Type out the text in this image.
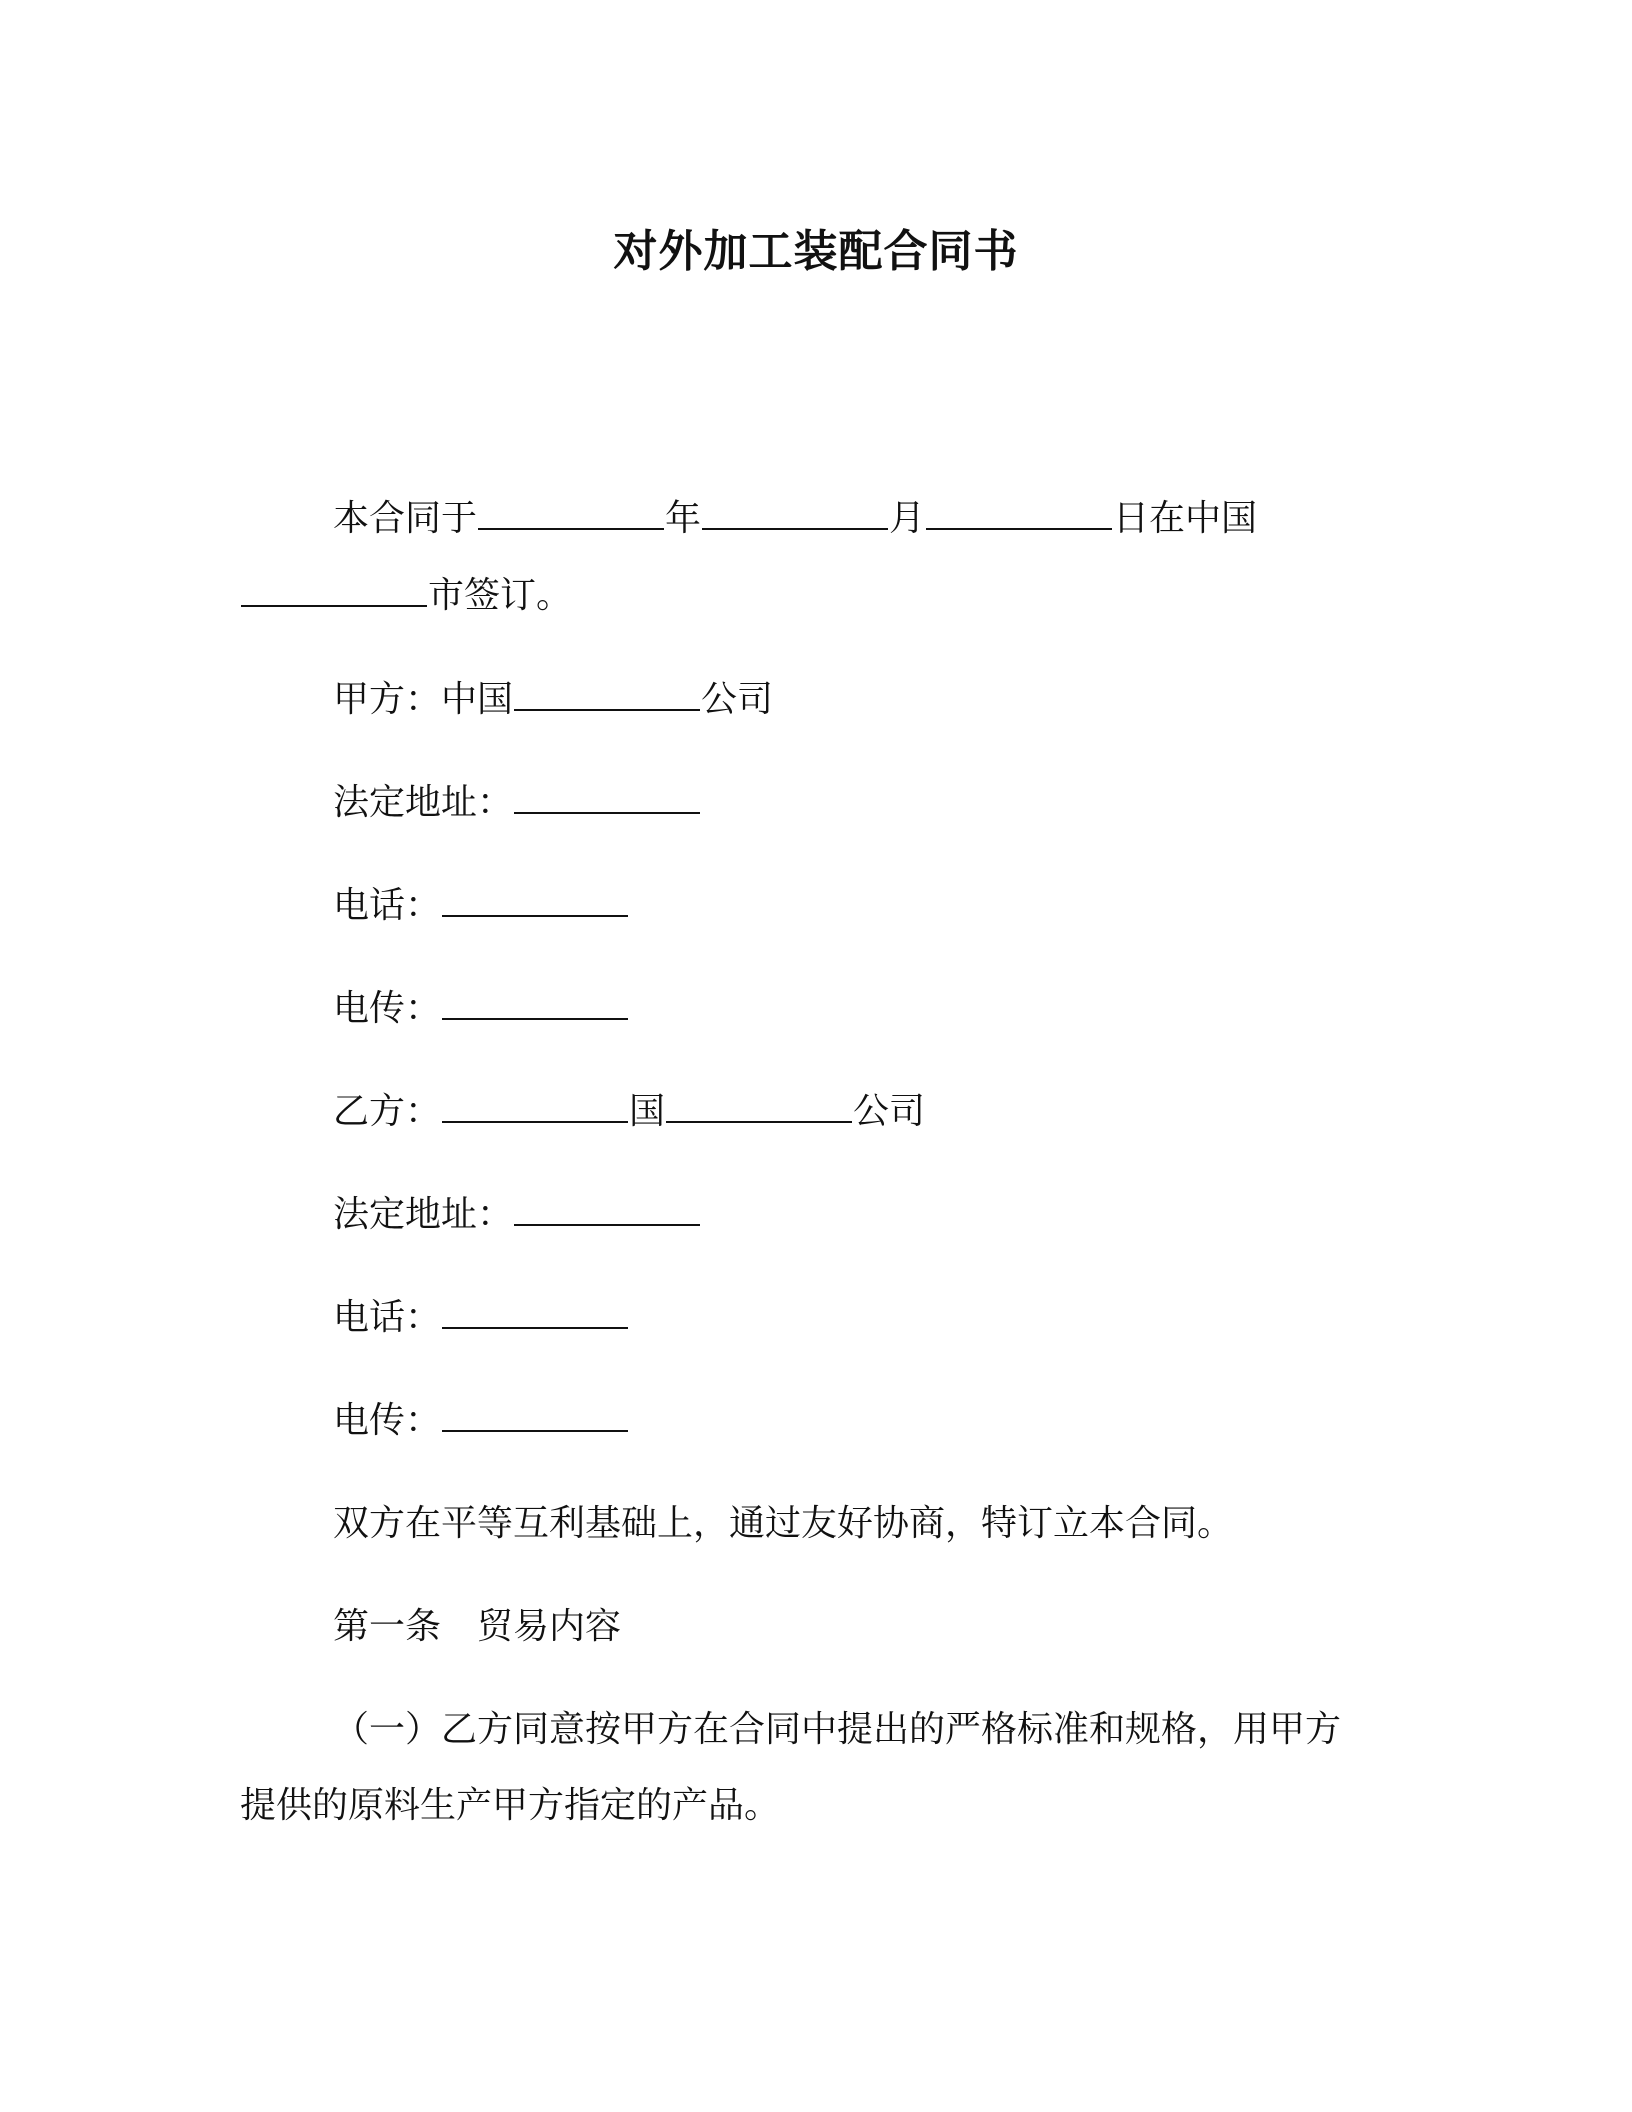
对外加工装配合同书
本合同于	年	月	日在中国
市签订。
甲方：中国	公司
法定地址：
电话：
电传：
乙方：	国	公司
法定地址：
电话：
电传：
双方在平等互利基础上，通过友好协商，特订立本合同。
第一条　贸易内容
（一）乙方同意按甲方在合同中提出的严格标准和规格，用甲方
提供的原料生产甲方指定的产品。
